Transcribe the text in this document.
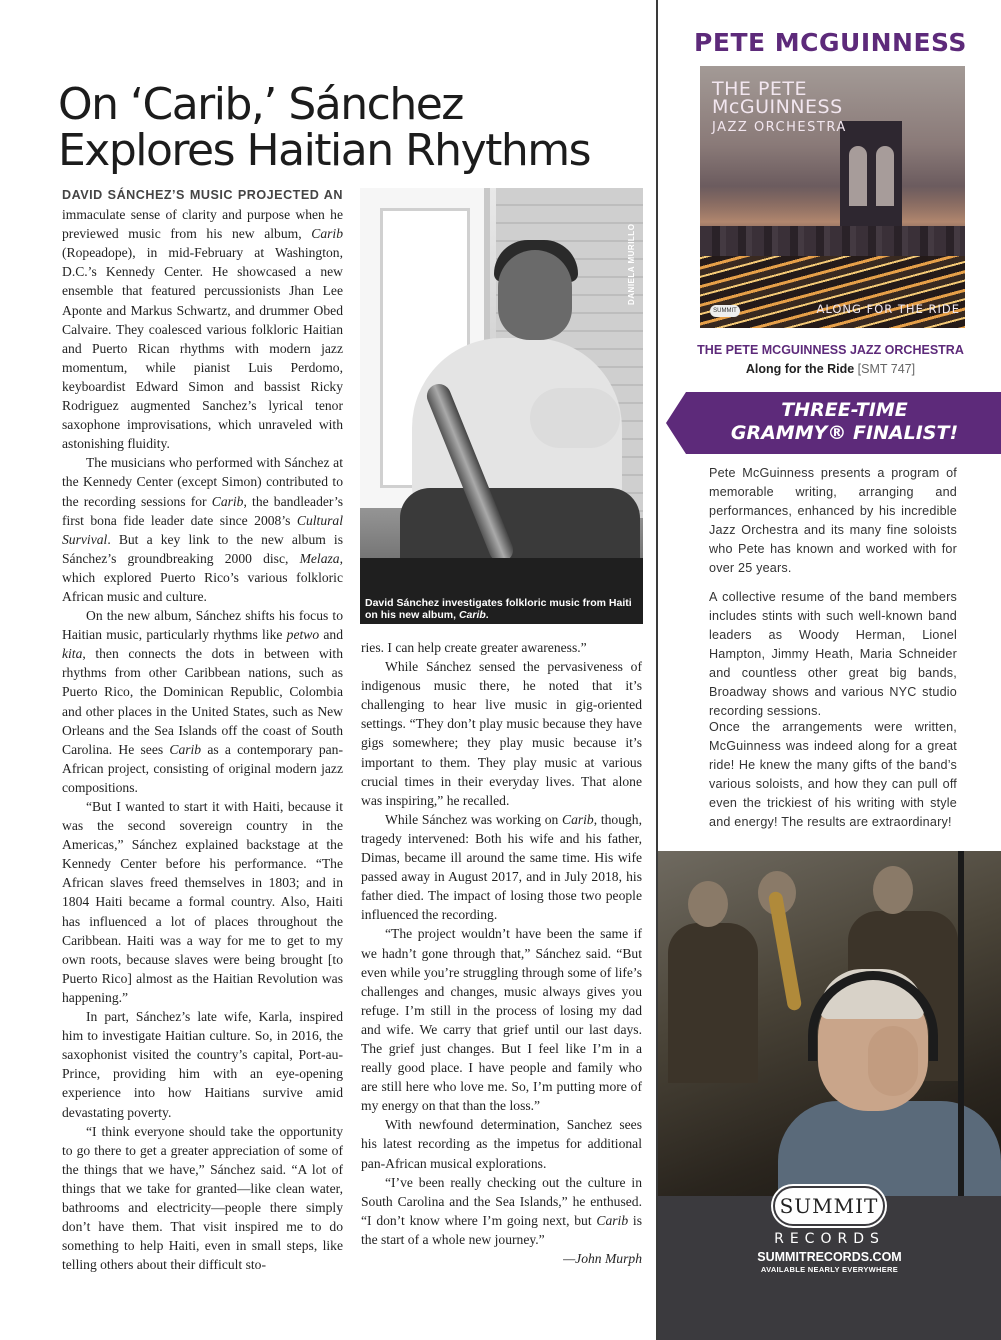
On ‘Carib,’ Sánchez
Explores Haitian Rhythms

DAVID SÁNCHEZ’S MUSIC PROJECTED AN immaculate sense of clarity and purpose when he previewed music from his new album, Carib (Ropeadope), in mid-February at Washington, D.C.’s Kennedy Center. He showcased a new ensemble that featured percussionists Jhan Lee Aponte and Markus Schwartz, and drummer Obed Calvaire. They coalesced various folkloric Haitian and Puerto Rican rhythms with modern jazz momentum, while pianist Luis Perdomo, keyboardist Edward Simon and bassist Ricky Rodriguez augmented Sanchez’s lyrical tenor saxophone improvisations, which unraveled with astonishing fluidity.

The musicians who performed with Sánchez at the Kennedy Center (except Simon) contributed to the recording sessions for Carib, the bandleader’s first bona fide leader date since 2008’s Cultural Survival. But a key link to the new album is Sánchez’s groundbreaking 2000 disc, Melaza, which explored Puerto Rico’s various folkloric African music and culture.

On the new album, Sánchez shifts his focus to Haitian music, particularly rhythms like petwo and kita, then connects the dots in between with rhythms from other Caribbean nations, such as Puerto Rico, the Dominican Republic, Colombia and other places in the United States, such as New Orleans and the Sea Islands off the coast of South Carolina. He sees Carib as a contemporary pan-African project, consisting of original modern jazz compositions.

“But I wanted to start it with Haiti, because it was the second sovereign country in the Americas,” Sánchez explained backstage at the Kennedy Center before his performance. “The African slaves freed themselves in 1803; and in 1804 Haiti became a formal country. Also, Haiti has influenced a lot of places throughout the Caribbean. Haiti was a way for me to get to my own roots, because slaves were being brought [to Puerto Rico] almost as the Haitian Revolution was happening.”

In part, Sánchez’s late wife, Karla, inspired him to investigate Haitian culture. So, in 2016, the saxophonist visited the country’s capital, Port-au-Prince, providing him with an eye-opening experience into how Haitians survive amid devastating poverty.

“I think everyone should take the opportunity to go there to get a greater appreciation of some of the things that we have,” Sánchez said. “A lot of things that we take for granted—like clean water, bathrooms and electricity—people there simply don’t have them. That visit inspired me to do something to help Haiti, even in small steps, like telling others about their difficult sto-

DANIELA MURILLO
David Sánchez investigates folkloric music from Haiti on his new album, Carib.

ries. I can help create greater awareness.”

While Sánchez sensed the pervasiveness of indigenous music there, he noted that it’s challenging to hear live music in gig-oriented settings. “They don’t play music because they have gigs somewhere; they play music because it’s important to them. They play music at various crucial times in their everyday lives. That alone was inspiring,” he recalled.

While Sánchez was working on Carib, though, tragedy intervened: Both his wife and his father, Dimas, became ill around the same time. His wife passed away in August 2017, and in July 2018, his father died. The impact of losing those two people influenced the recording.

“The project wouldn’t have been the same if we hadn’t gone through that,” Sánchez said. “But even while you’re struggling through some of life’s challenges and changes, music always gives you refuge. I’m still in the process of losing my dad and wife. We carry that grief until our last days. The grief just changes. But I feel like I’m in a really good place. I have people and family who are still here who love me. So, I’m putting more of my energy on that than the loss.”

With newfound determination, Sanchez sees his latest recording as the impetus for additional pan-African musical explorations.

“I’ve been really checking out the culture in South Carolina and the Sea Islands,” he enthused. “I don’t know where I’m going next, but Carib is the start of a whole new journey.”

—John Murph

PETE MCGUINNESS
THE PETE
McGUINNESS
JAZZ ORCHESTRA
SUMMIT	ALONG FOR THE RIDE
THE PETE MCGUINNESS JAZZ ORCHESTRA
Along for the Ride [SMT 747]
THREE-TIME
GRAMMY® FINALIST!

Pete McGuinness presents a program of memorable writing, arranging and performances, enhanced by his incredible Jazz Orchestra and its many fine soloists who Pete has known and worked with for over 25 years.

A collective resume of the band members includes stints with such well-known band leaders as Woody Herman, Lionel Hampton, Jimmy Heath, Maria Schneider and countless other great big bands, Broadway shows and various NYC studio recording sessions.

Once the arrangements were written, McGuinness was indeed along for a great ride! He knew the many gifts of the band’s various soloists, and how they can pull off even the trickiest of his writing with style and energy! The results are extraordinary!

SUMMIT
RECORDS
SUMMITRECORDS.COM
AVAILABLE NEARLY EVERYWHERE
